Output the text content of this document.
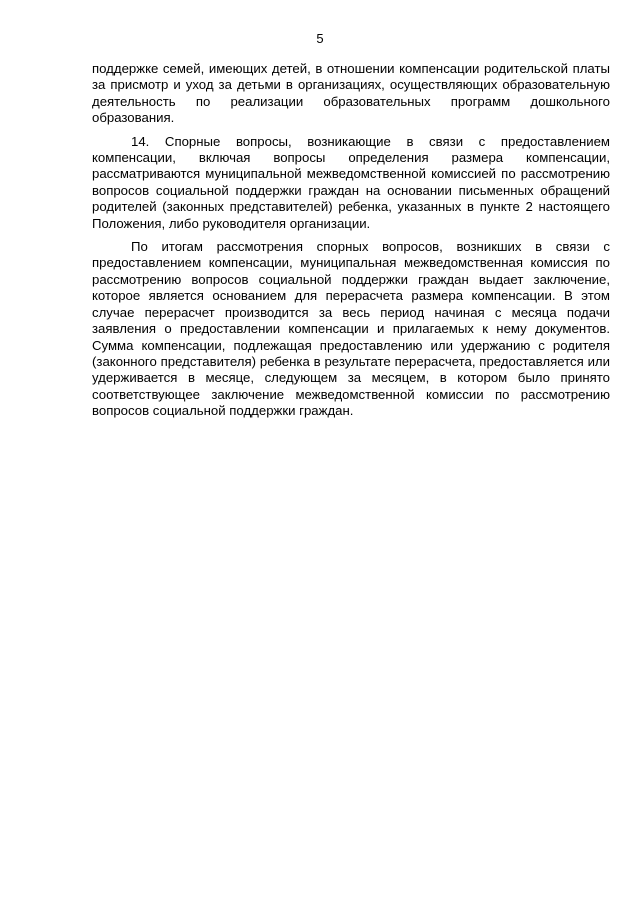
5

поддержке семей, имеющих детей, в отношении компенсации родительской платы за присмотр и уход за детьми в организациях, осуществляющих образовательную деятельность по реализации образовательных программ дошкольного образования.

14. Спорные вопросы, возникающие в связи с предоставлением компенсации, включая вопросы определения размера компенсации, рассматриваются муниципальной межведомственной комиссией по рассмотрению вопросов социальной поддержки граждан на основании письменных обращений родителей (законных представителей) ребенка, указанных в пункте 2 настоящего Положения, либо руководителя организации.

По итогам рассмотрения спорных вопросов, возникших в связи с предоставлением компенсации, муниципальная межведомственная комиссия по рассмотрению вопросов социальной поддержки граждан выдает заключение, которое является основанием для перерасчета размера компенсации. В этом случае перерасчет производится за весь период начиная с месяца подачи заявления о предоставлении компенсации и прилагаемых к нему документов. Сумма компенсации, подлежащая предоставлению или удержанию с родителя (законного представителя) ребенка в результате перерасчета, предоставляется или удерживается в месяце, следующем за месяцем, в котором было принято соответствующее заключение межведомственной комиссии по рассмотрению вопросов социальной поддержки граждан.
